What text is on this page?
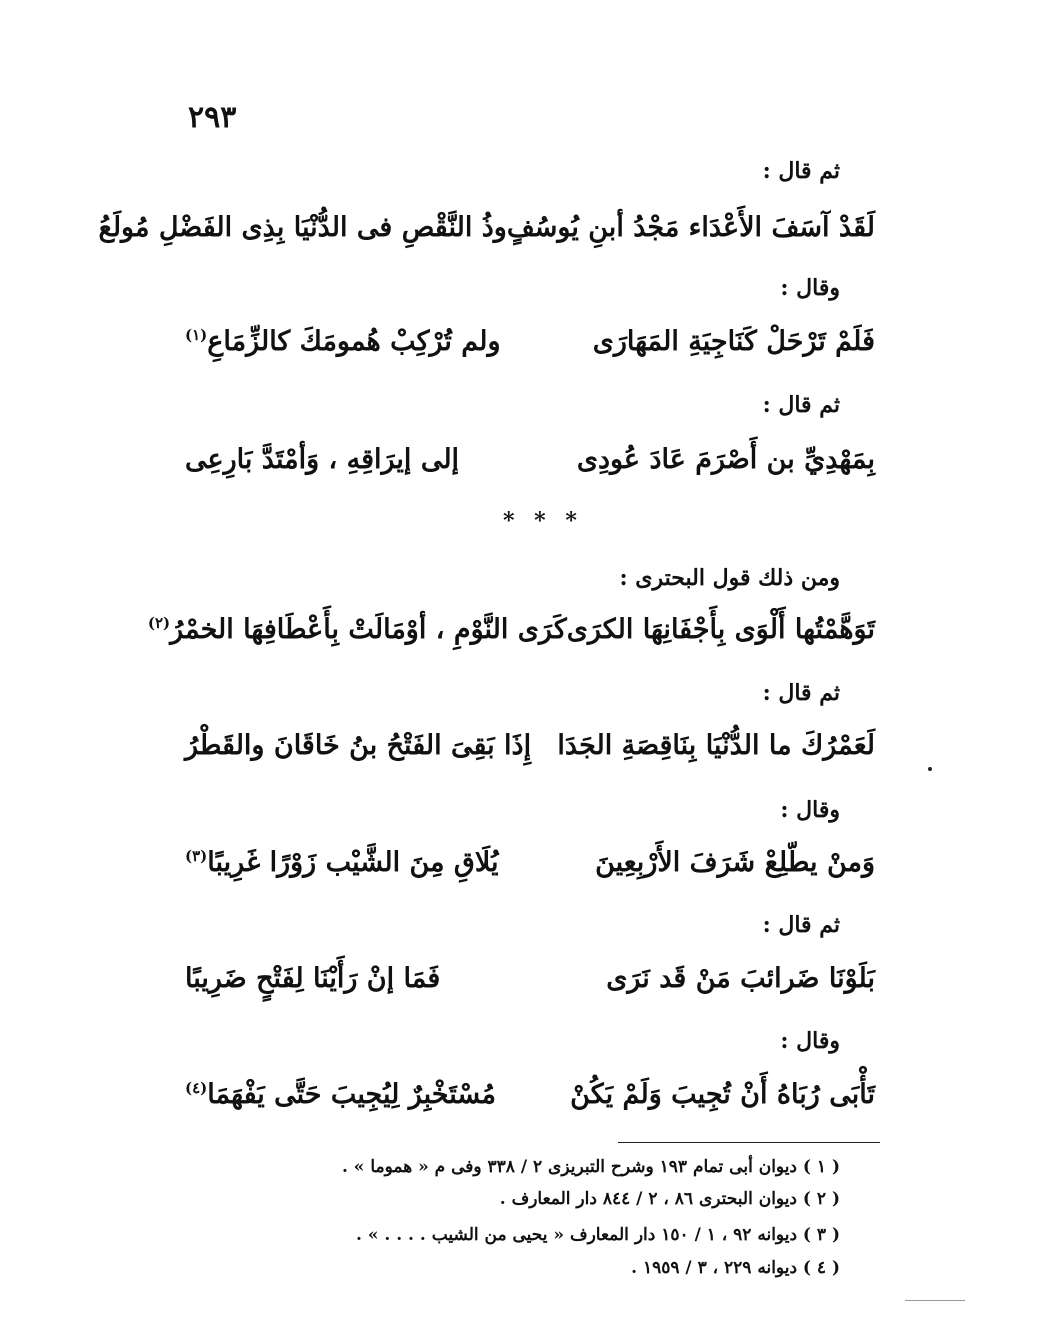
٢٩٣
ثم قال :
لَقَدْ آسَفَ الأَعْدَاء مَجْدُ أبنِ يُوسُفٍ
وذُ النَّقْصِ فى الدُّنْيَا بِذِى الفَضْلِ مُولَعُ
وقال :
فَلَمْ تَرْحَلْ كَنَاجِيَةِ المَهَارَى
ولم تُرْكِبْ هُمومَكَ كالزِّمَاعِ$^{(١)}$
ثم قال :
بِمَهْدِيِّ بن أَصْرَمَ عَادَ عُودِى
إلى إيرَاقِهِ ، وَأمْتَدَّ بَارِعِى
* * *
ومن ذلك قول البحترى :
تَوَهَّمْتُها أَلْوَى بِأَجْفَانِهَا الكرَى
كَرَى النَّوْمِ ، أوْمَالَتْ بِأَعْطَافِهَا الخمْرُ$^{(٢)}$
ثم قال :
لَعَمْرُكَ ما الدُّنْيَا بِنَاقِصَةِ الجَدَا
إِذَا بَقِىَ الفَتْحُ بنُ خَاقَانَ والقَطْرُ
وقال :
وَمنْ يطّلِعْ شَرَفَ الأَرْبِعِينَ
يُلَاقِ مِنَ الشَّيْب زَوْرًا غَرِيبًا$^{(٣)}$
ثم قال :
بَلَوْنَا ضَرائبَ مَنْ قَد نَرَى
فَمَا إنْ رَأَيْنَا لِفَتْحٍ ضَرِيبًا
وقال :
تَأْبَى رُبَاهُ أَنْ تُجِيبَ وَلَمْ يَكُنْ
مُسْتَخْبِرٌ لِيُجِيبَ حَتَّى يَفْهَمَا$^{(٤)}$
( ١ ) ديوان أبى تمام ١٩٣ وشرح التبريزى ٢ / ٣٣٨ وفى م « هموما » .
( ٢ ) ديوان البحترى ٨٦ ، ٢ / ٨٤٤ دار المعارف .
( ٣ ) ديوانه ٩٢ ، ١ / ١٥٠ دار المعارف « يحيى من الشيب . . . . » .
( ٤ ) ديوانه ٢٢٩ ، ٣ / ١٩٥٩ .
